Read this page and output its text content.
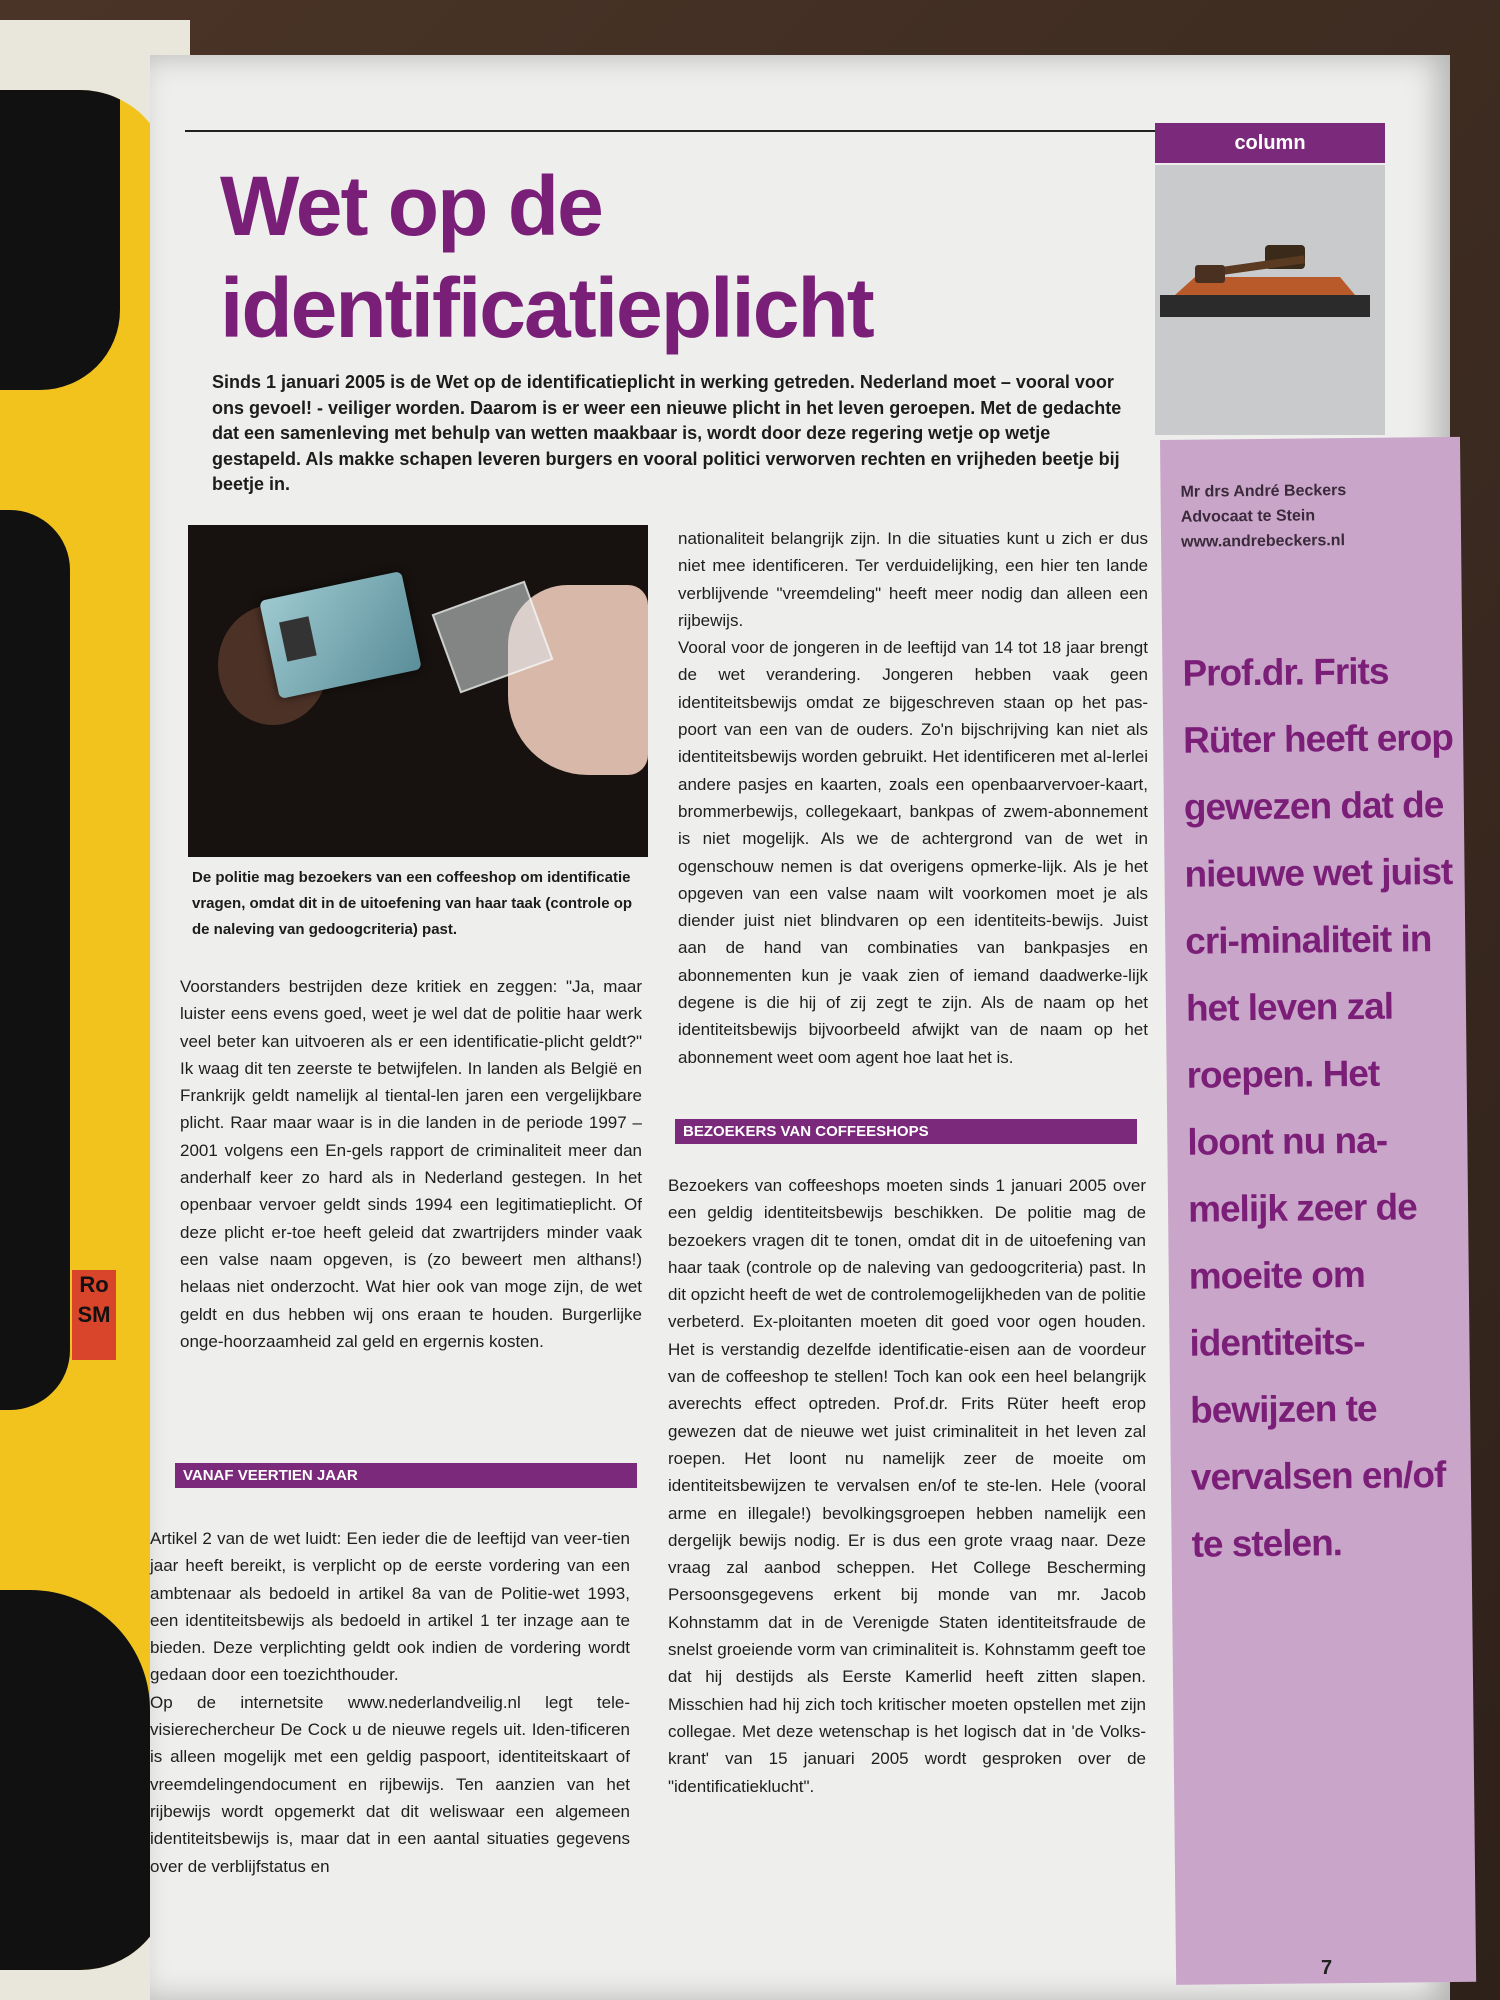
Ro SM
column
Mr drs André Beckers
Advocaat te Stein
www.andrebeckers.nl
Prof.dr. Frits Rüter heeft erop gewezen dat de nieuwe wet juist cri-minaliteit in het leven zal roepen. Het loont nu na-melijk zeer de moeite om identiteits-bewijzen te vervalsen en/of te stelen.
Wet op de identificatieplicht
Sinds 1 januari 2005 is de Wet op de identificatieplicht in werking getreden. Nederland moet – vooral voor ons gevoel! - veiliger worden. Daarom is er weer een nieuwe plicht in het leven geroepen. Met de gedachte dat een samenleving met behulp van wetten maakbaar is, wordt door deze regering wetje op wetje gestapeld. Als makke schapen leveren burgers en vooral politici verworven rechten en vrijheden beetje bij beetje in.
De politie mag bezoekers van een coffeeshop om identificatie vragen, omdat dit in de uitoefening van haar taak (controle op de naleving van gedoogcriteria) past.
Voorstanders bestrijden deze kritiek en zeggen: "Ja, maar luister eens evens goed, weet je wel dat de politie haar werk veel beter kan uitvoeren als er een identificatie-plicht geldt?" Ik waag dit ten zeerste te betwijfelen. In landen als België en Frankrijk geldt namelijk al tiental-len jaren een vergelijkbare plicht. Raar maar waar is in die landen in de periode 1997 – 2001 volgens een En-gels rapport de criminaliteit meer dan anderhalf keer zo hard als in Nederland gestegen. In het openbaar vervoer geldt sinds 1994 een legitimatieplicht. Of deze plicht er-toe heeft geleid dat zwartrijders minder vaak een valse naam opgeven, is (zo beweert men althans!) helaas niet onderzocht. Wat hier ook van moge zijn, de wet geldt en dus hebben wij ons eraan te houden. Burgerlijke onge-hoorzaamheid zal geld en ergernis kosten.
VANAF VEERTIEN JAAR
Artikel 2 van de wet luidt: Een ieder die de leeftijd van veer-tien jaar heeft bereikt, is verplicht op de eerste vordering van een ambtenaar als bedoeld in artikel 8a van de Politie-wet 1993, een identiteitsbewijs als bedoeld in artikel 1 ter inzage aan te bieden. Deze verplichting geldt ook indien de vordering wordt gedaan door een toezichthouder.
Op de internetsite www.nederlandveilig.nl legt tele-visierechercheur De Cock u de nieuwe regels uit. Iden-tificeren is alleen mogelijk met een geldig paspoort, identiteitskaart of vreemdelingendocument en rijbewijs. Ten aanzien van het rijbewijs wordt opgemerkt dat dit weliswaar een algemeen identiteitsbewijs is, maar dat in een aantal situaties gegevens over de verblijfstatus en
nationaliteit belangrijk zijn. In die situaties kunt u zich er dus niet mee identificeren. Ter verduidelijking, een hier ten lande verblijvende "vreemdeling" heeft meer nodig dan alleen een rijbewijs.
Vooral voor de jongeren in de leeftijd van 14 tot 18 jaar brengt de wet verandering. Jongeren hebben vaak geen identiteitsbewijs omdat ze bijgeschreven staan op het pas-poort van een van de ouders. Zo'n bijschrijving kan niet als identiteitsbewijs worden gebruikt. Het identificeren met al-lerlei andere pasjes en kaarten, zoals een openbaarvervoer-kaart, brommerbewijs, collegekaart, bankpas of zwem-abonnement is niet mogelijk. Als we de achtergrond van de wet in ogenschouw nemen is dat overigens opmerke-lijk. Als je het opgeven van een valse naam wilt voorkomen moet je als diender juist niet blindvaren op een identiteits-bewijs. Juist aan de hand van combinaties van bankpasjes en abonnementen kun je vaak zien of iemand daadwerke-lijk degene is die hij of zij zegt te zijn. Als de naam op het identiteitsbewijs bijvoorbeeld afwijkt van de naam op het abonnement weet oom agent hoe laat het is.
BEZOEKERS VAN COFFEESHOPS
Bezoekers van coffeeshops moeten sinds 1 januari 2005 over een geldig identiteitsbewijs beschikken. De politie mag de bezoekers vragen dit te tonen, omdat dit in de uitoefening van haar taak (controle op de naleving van gedoogcriteria) past. In dit opzicht heeft de wet de controlemogelijkheden van de politie verbeterd. Ex-ploitanten moeten dit goed voor ogen houden. Het is verstandig dezelfde identificatie-eisen aan de voordeur van de coffeeshop te stellen! Toch kan ook een heel belangrijk averechts effect optreden. Prof.dr. Frits Rüter heeft erop gewezen dat de nieuwe wet juist criminaliteit in het leven zal roepen. Het loont nu namelijk zeer de moeite om identiteitsbewijzen te vervalsen en/of te ste-len. Hele (vooral arme en illegale!) bevolkingsgroepen hebben namelijk een dergelijk bewijs nodig. Er is dus een grote vraag naar. Deze vraag zal aanbod scheppen. Het College Bescherming Persoonsgegevens erkent bij monde van mr. Jacob Kohnstamm dat in de Verenigde Staten identiteitsfraude de snelst groeiende vorm van criminaliteit is. Kohnstamm geeft toe dat hij destijds als Eerste Kamerlid heeft zitten slapen. Misschien had hij zich toch kritischer moeten opstellen met zijn collegae. Met deze wetenschap is het logisch dat in 'de Volks-krant' van 15 januari 2005 wordt gesproken over de "identificatieklucht".
7
